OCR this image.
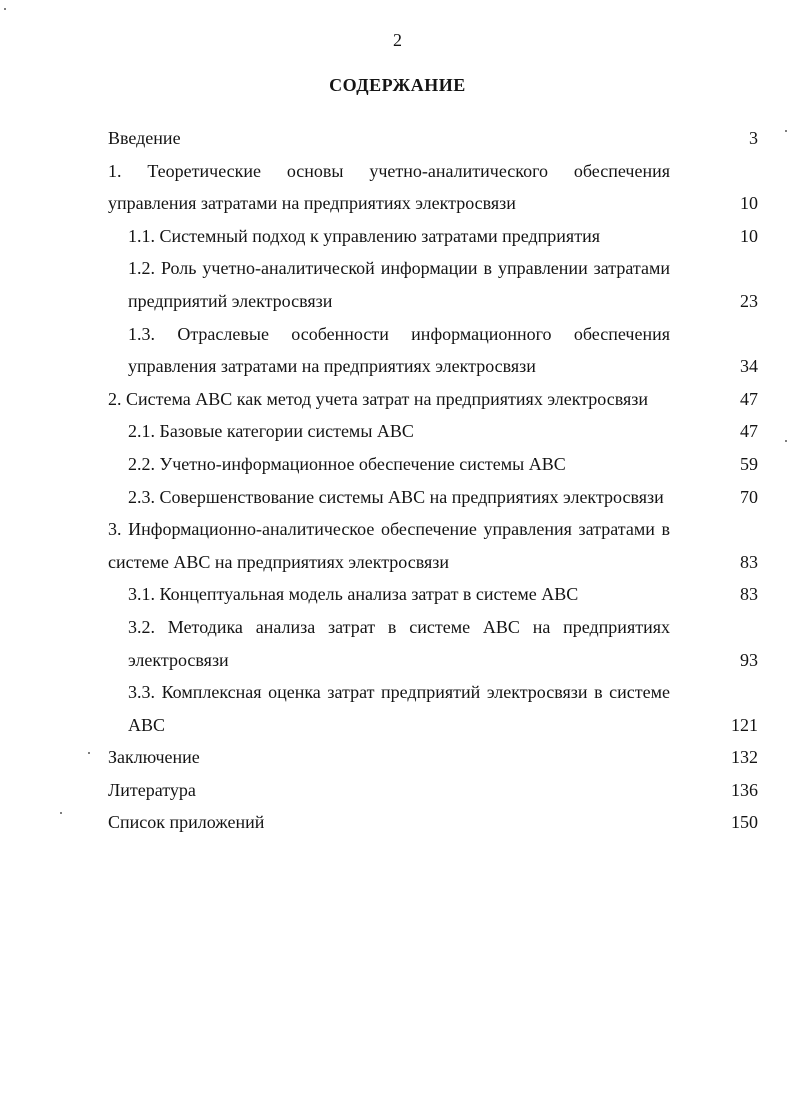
2
СОДЕРЖАНИЕ
Введение	3
1. Теоретические основы учетно-аналитического обеспечения управления затратами на предприятиях электросвязи	10
1.1. Системный подход к управлению затратами предприятия	10
1.2. Роль учетно-аналитической информации в управлении затратами предприятий электросвязи	23
1.3. Отраслевые особенности информационного обеспечения управления затратами на предприятиях электросвязи	34
2. Система АВС как метод учета затрат на предприятиях электросвязи	47
2.1. Базовые категории системы АВС	47
2.2. Учетно-информационное обеспечение системы АВС	59
2.3. Совершенствование системы АВС на предприятиях электросвязи	70
3. Информационно-аналитическое обеспечение управления затратами в системе АВС на предприятиях электросвязи	83
3.1. Концептуальная модель анализа затрат в системе АВС	83
3.2. Методика анализа затрат в системе АВС на предприятиях электросвязи	93
3.3. Комплексная оценка затрат предприятий электросвязи в системе АВС	121
Заключение	132
Литература	136
Список приложений	150
